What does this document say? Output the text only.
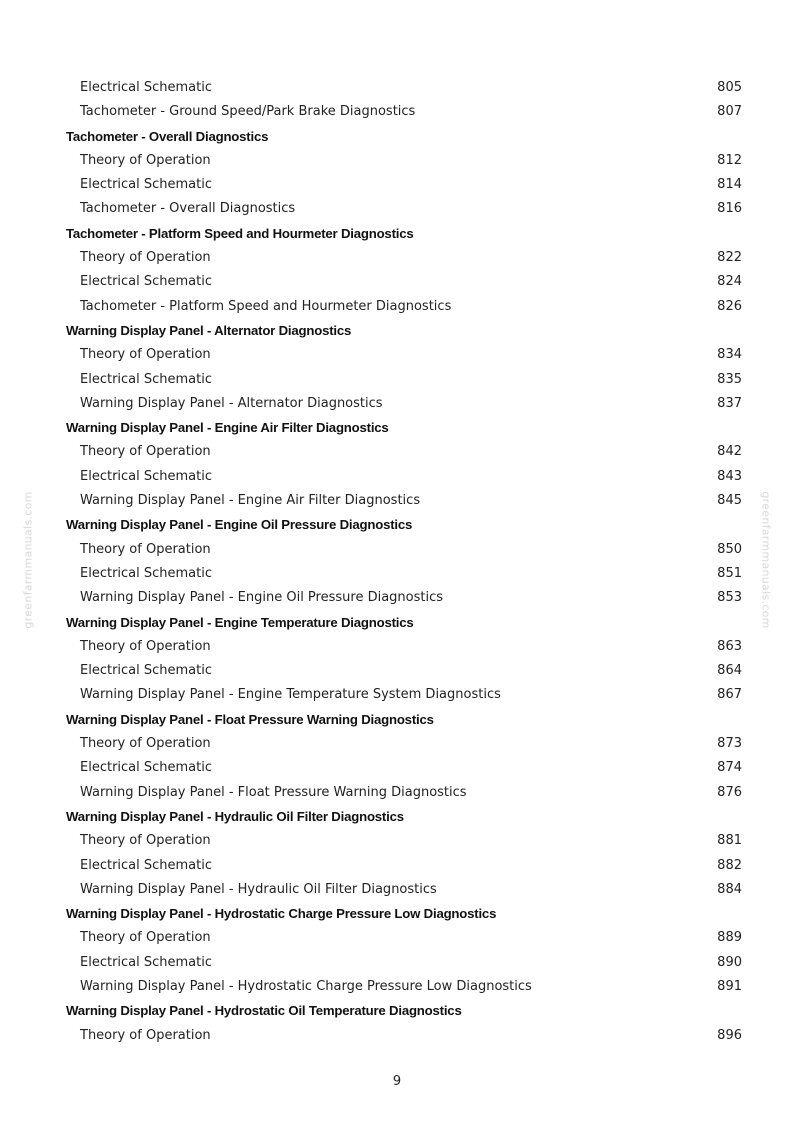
greenfarmmanuals.com	greenfarmmanuals.com
Electrical Schematic	805
Tachometer - Ground Speed/Park Brake Diagnostics	807
Tachometer - Overall Diagnostics
Theory of Operation	812
Electrical Schematic	814
Tachometer - Overall Diagnostics	816
Tachometer - Platform Speed and Hourmeter Diagnostics
Theory of Operation	822
Electrical Schematic	824
Tachometer - Platform Speed and Hourmeter Diagnostics	826
Warning Display Panel - Alternator Diagnostics
Theory of Operation	834
Electrical Schematic	835
Warning Display Panel - Alternator Diagnostics	837
Warning Display Panel - Engine Air Filter Diagnostics
Theory of Operation	842
Electrical Schematic	843
Warning Display Panel - Engine Air Filter Diagnostics	845
Warning Display Panel - Engine Oil Pressure Diagnostics
Theory of Operation	850
Electrical Schematic	851
Warning Display Panel - Engine Oil Pressure Diagnostics	853
Warning Display Panel - Engine Temperature Diagnostics
Theory of Operation	863
Electrical Schematic	864
Warning Display Panel - Engine Temperature System Diagnostics	867
Warning Display Panel - Float Pressure Warning Diagnostics
Theory of Operation	873
Electrical Schematic	874
Warning Display Panel - Float Pressure Warning Diagnostics	876
Warning Display Panel - Hydraulic Oil Filter Diagnostics
Theory of Operation	881
Electrical Schematic	882
Warning Display Panel - Hydraulic Oil Filter Diagnostics	884
Warning Display Panel - Hydrostatic Charge Pressure Low Diagnostics
Theory of Operation	889
Electrical Schematic	890
Warning Display Panel - Hydrostatic Charge Pressure Low Diagnostics	891
Warning Display Panel - Hydrostatic Oil Temperature Diagnostics
Theory of Operation	896
9
